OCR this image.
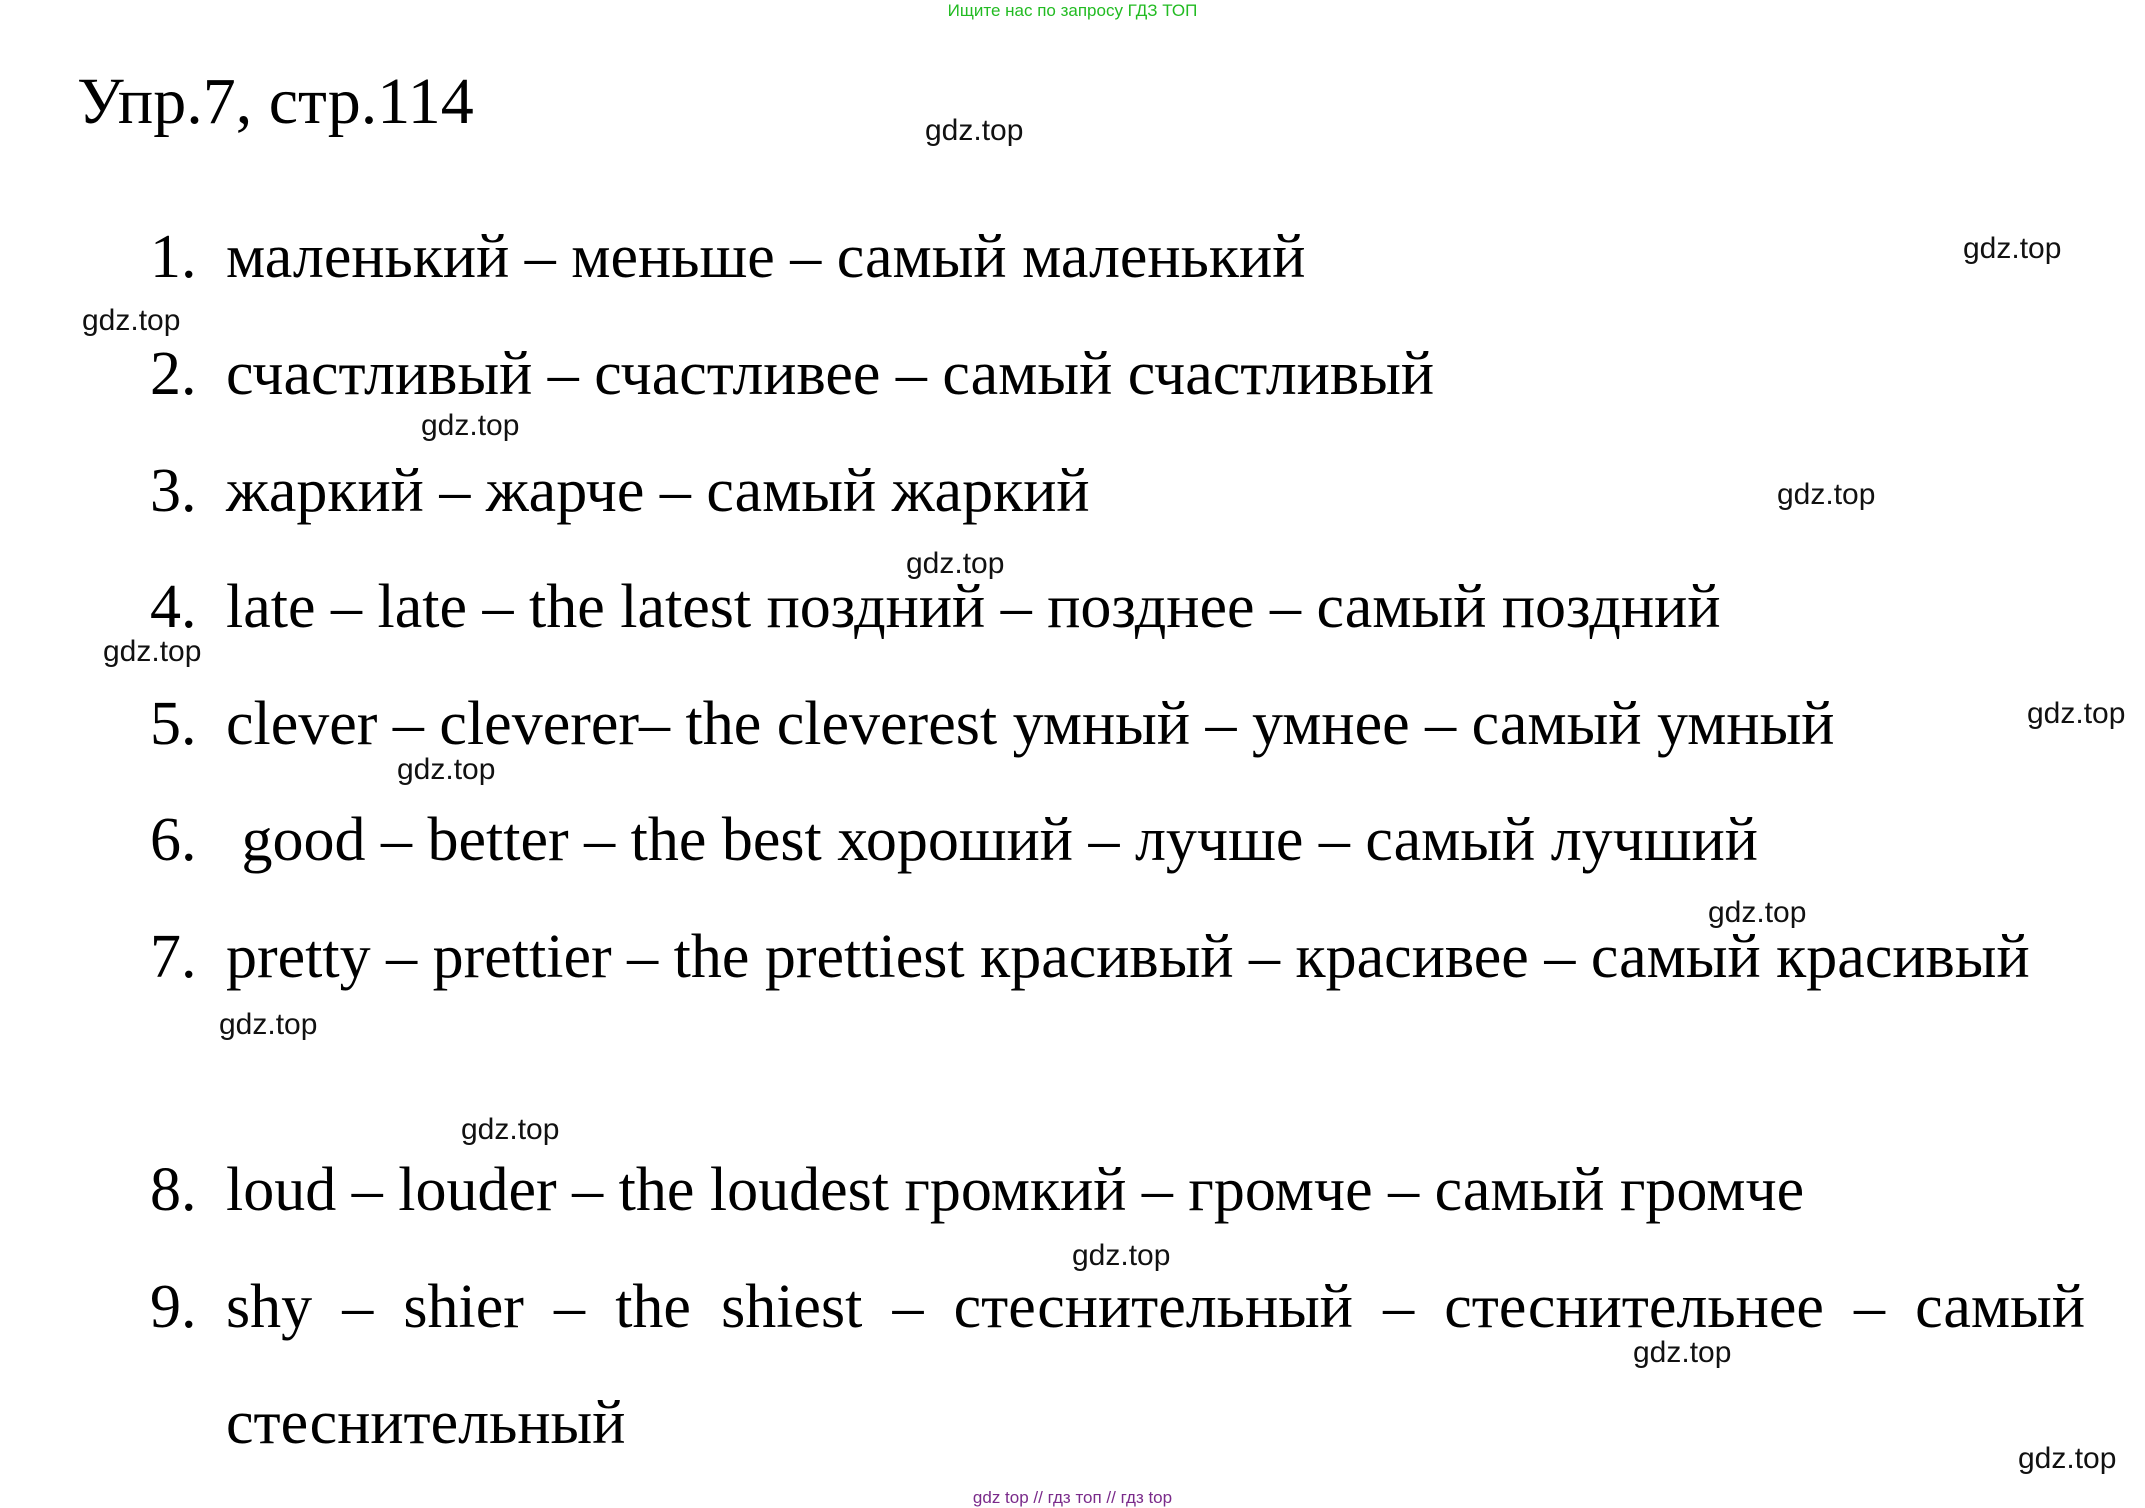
Ищите нас по запросу ГДЗ ТОП
Упр.7, стр.114
1. маленький – меньше – самый маленький
2. счастливый – счастливее – самый счастливый
3. жаркий – жарче – самый жаркий
4. late – late – the latest поздний – позднее – самый поздний
5. clever – cleverer– the cleverest умный – умнее – самый умный
6. good – better – the best хороший – лучше – самый лучший
7. pretty – prettier – the prettiest красивый – красивее – самый красивый
8. loud – louder – the loudest громкий – громче – самый громче
9. shy – shier – the shiest – стеснительный – стеснительнее – самый стеснительный
gdz.top
gdz.top
gdz.top
gdz.top
gdz.top
gdz.top
gdz.top
gdz.top
gdz.top
gdz.top
gdz.top
gdz.top
gdz.top
gdz.top
gdz.top
gdz top // гдз топ // гдз top
